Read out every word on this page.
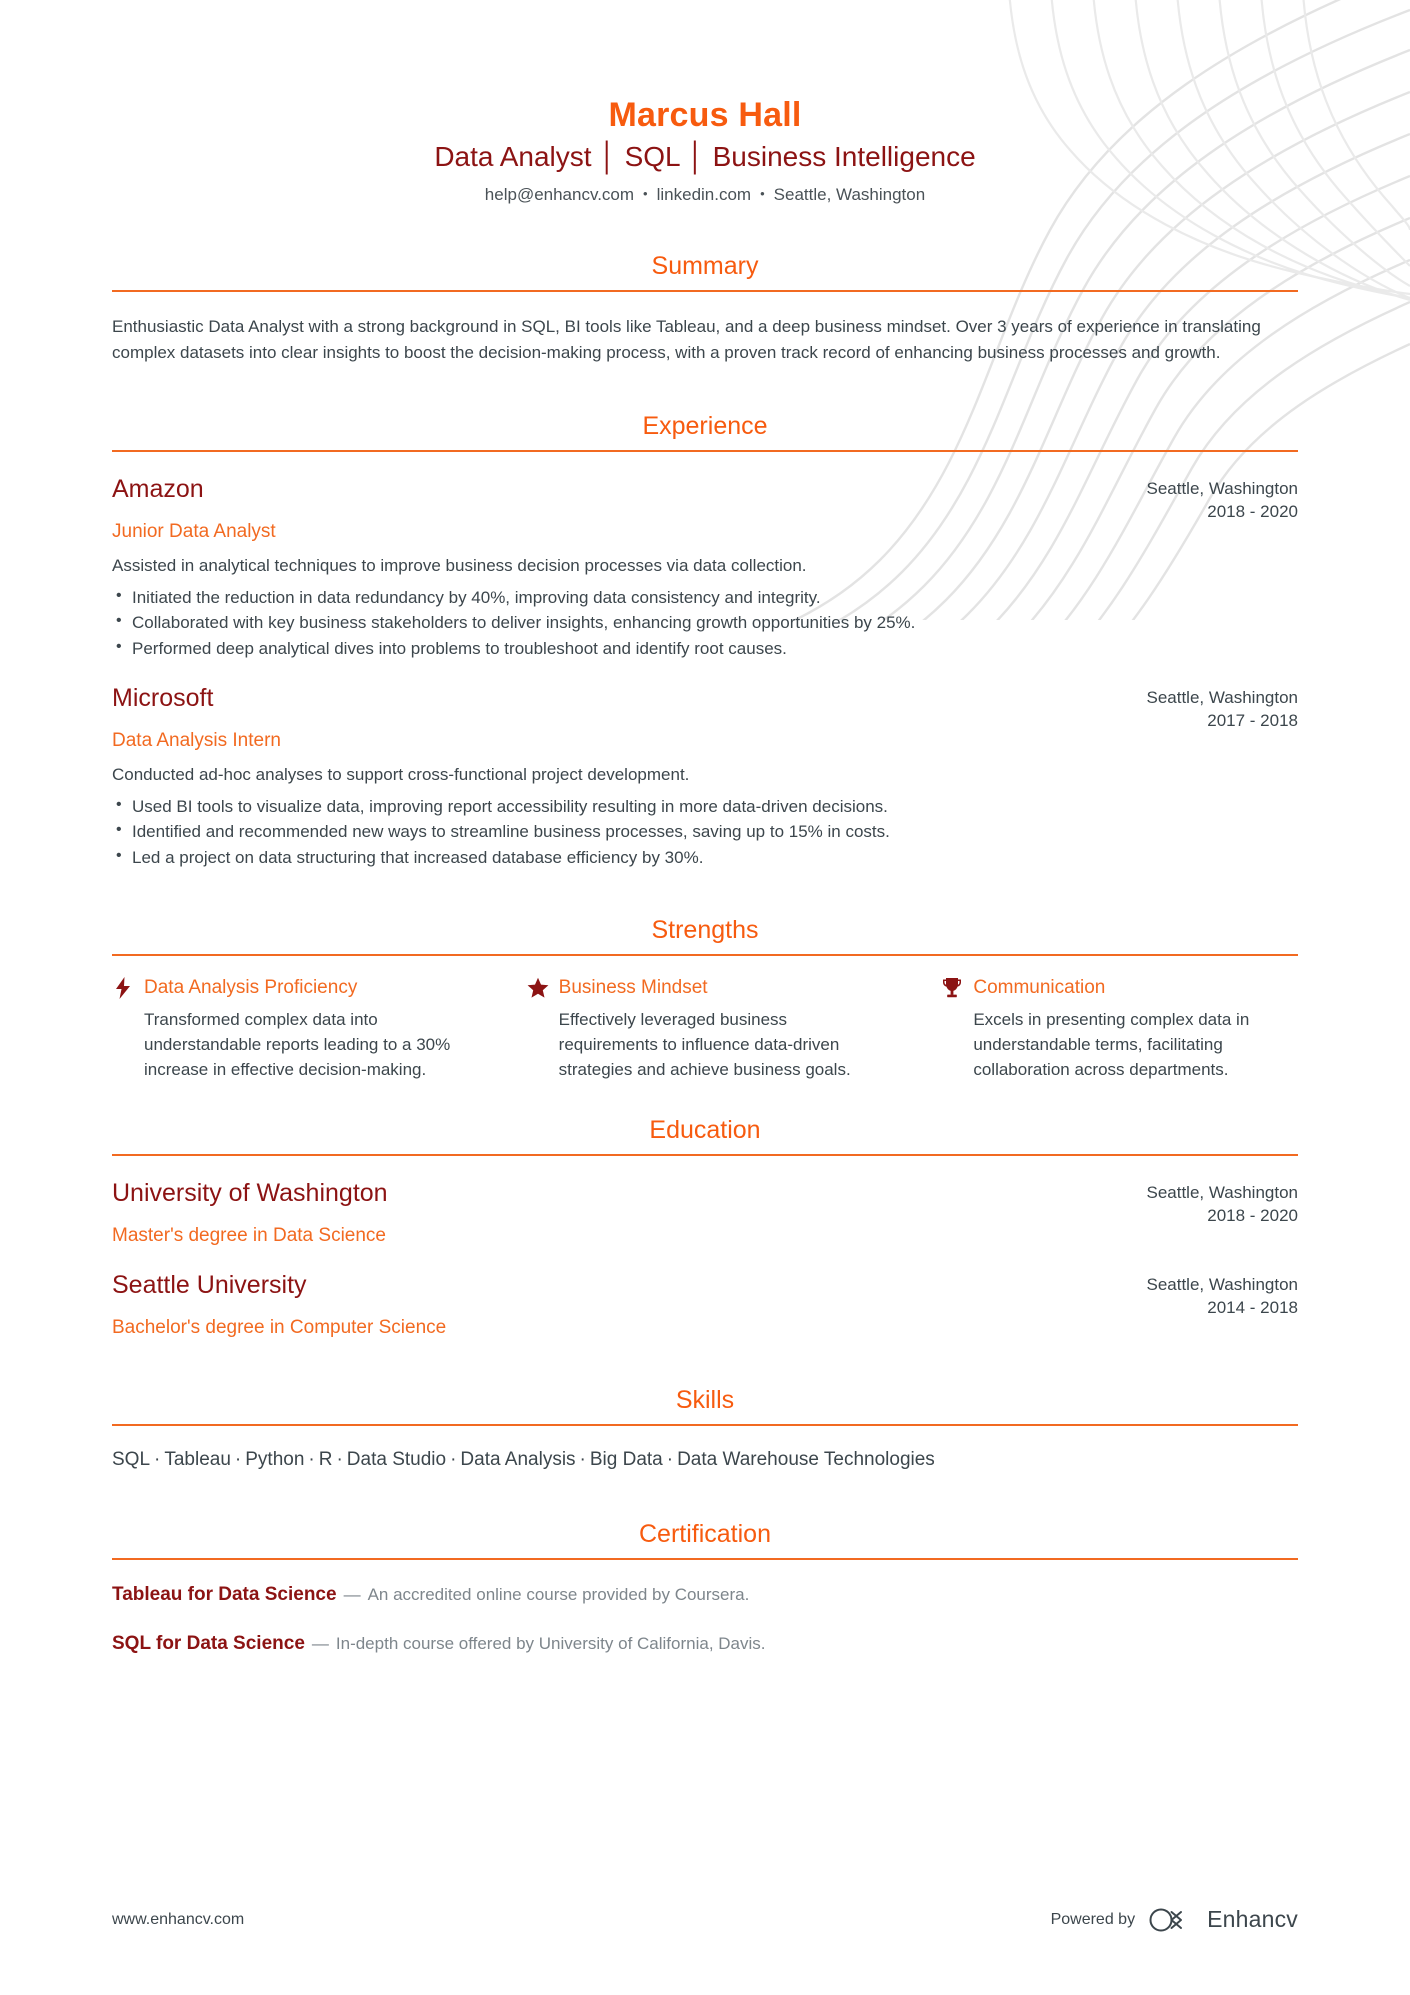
Marcus Hall
Data Analyst │ SQL │ Business Intelligence
help@enhancv.com • linkedin.com • Seattle, Washington
Summary

Enthusiastic Data Analyst with a strong background in SQL, BI tools like Tableau, and a deep business mindset. Over 3 years of experience in translating complex datasets into clear insights to boost the decision-making process, with a proven track record of enhancing business processes and growth.

Experience
Amazon
Junior Data Analyst
Assisted in analytical techniques to improve business decision processes via data collection.
• Initiated the reduction in data redundancy by 40%, improving data consistency and integrity.
• Collaborated with key business stakeholders to deliver insights, enhancing growth opportunities by 25%.
• Performed deep analytical dives into problems to troubleshoot and identify root causes.
Seattle, Washington
2018 - 2020
Microsoft
Data Analysis Intern
Conducted ad-hoc analyses to support cross-functional project development.
• Used BI tools to visualize data, improving report accessibility resulting in more data-driven decisions.
• Identified and recommended new ways to streamline business processes, saving up to 15% in costs.
• Led a project on data structuring that increased database efficiency by 30%.
Seattle, Washington
2017 - 2018
Strengths
Data Analysis Proficiency
Transformed complex data into understandable reports leading to a 30% increase in effective decision-making.
Business Mindset
Effectively leveraged business requirements to influence data-driven strategies and achieve business goals.
Communication
Excels in presenting complex data in understandable terms, facilitating collaboration across departments.
Education
University of Washington
Master's degree in Data Science
Seattle, Washington
2018 - 2020
Seattle University
Bachelor's degree in Computer Science
Seattle, Washington
2014 - 2018
Skills
SQL · Tableau · Python · R · Data Studio · Data Analysis · Big Data · Data Warehouse Technologies
Certification
Tableau for Data Science — An accredited online course provided by Coursera.
SQL for Data Science — In-depth course offered by University of California, Davis.
www.enhancv.com	Powered by	Enhancv
